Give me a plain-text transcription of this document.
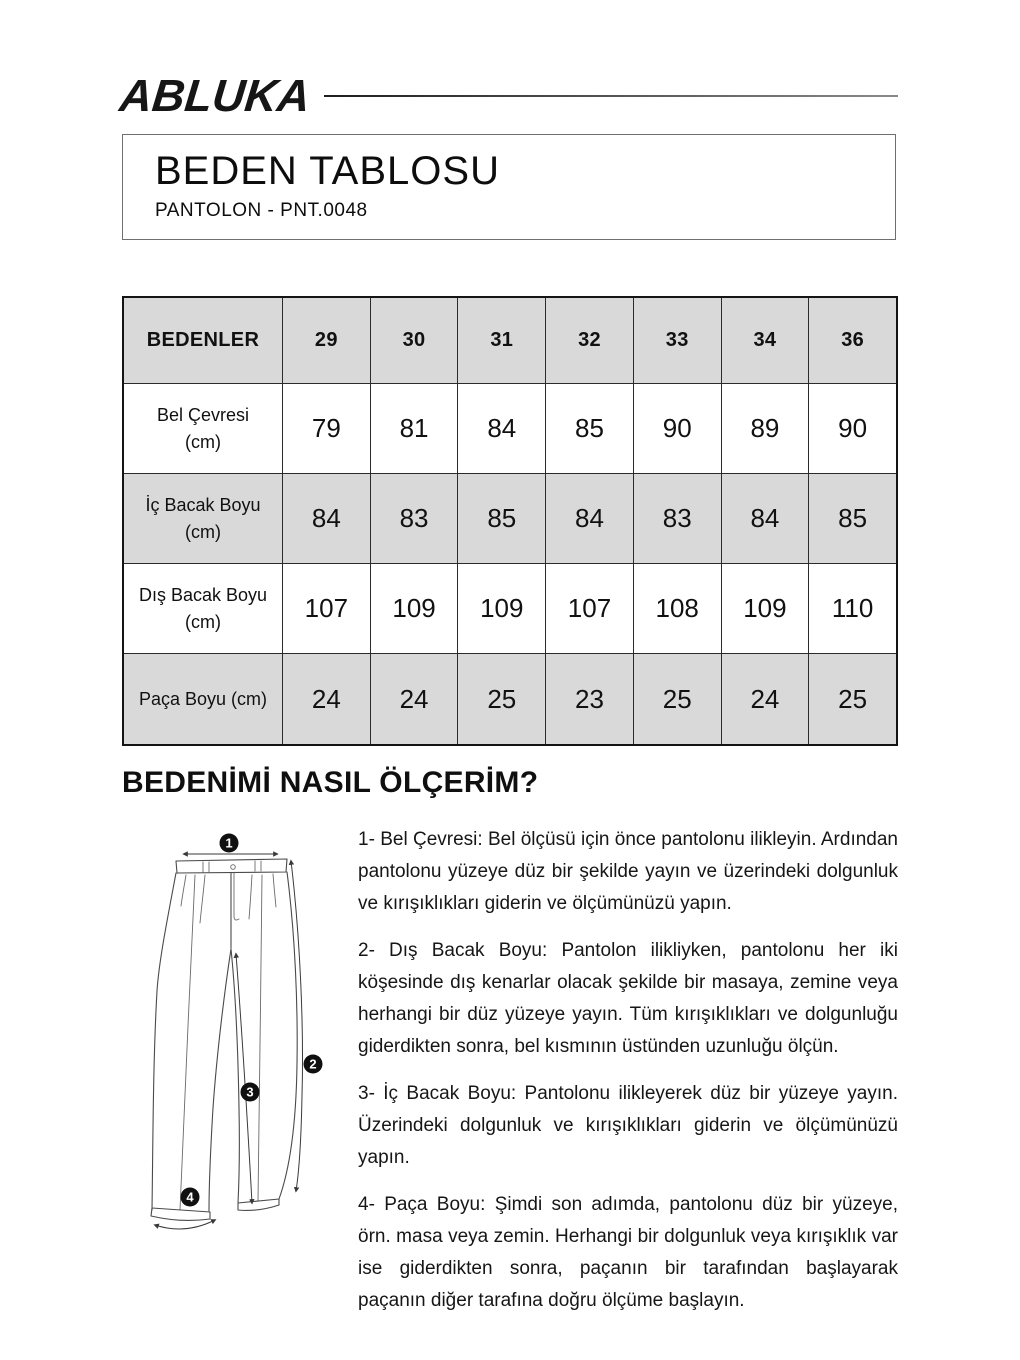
ABLUKA
BEDEN TABLOSU
PANTOLON - PNT.0048
BEDENLER	29	30	31	32	33	34	36
Bel Çevresi
(cm)	79	81	84	85	90	89	90
İç Bacak Boyu
(cm)	84	83	85	84	83	84	85
Dış Bacak Boyu
(cm)	107	109	109	107	108	109	110
Paça Boyu (cm)	24	24	25	23	25	24	25
BEDENİMİ NASIL ÖLÇERİM?
1
2
3
4

1- Bel Çevresi: Bel ölçüsü için önce pantolonu ilikleyin. Ardından pantolonu yüzeye düz bir şekilde yayın ve üzerindeki dolgunluk ve kırışıklıkları giderin ve ölçümünüzü yapın.

2- Dış Bacak Boyu: Pantolon ilikliyken, pantolonu her iki köşesinde dış kenarlar olacak şekilde bir masaya, zemine veya herhangi bir düz yüzeye yayın. Tüm kırışıklıkları ve dolgunluğu giderdikten sonra, bel kısmının üstünden uzunluğu ölçün.

3- İç Bacak Boyu: Pantolonu ilikleyerek düz bir yüzeye yayın. Üzerindeki dolgunluk ve kırışıklıkları giderin ve ölçümünüzü yapın.

4- Paça Boyu: Şimdi son adımda, pantolonu düz bir yüzeye, örn. masa veya zemin. Herhangi bir dolgunluk veya kırışıklık var ise giderdikten sonra, paçanın bir tarafından başlayarak paçanın diğer tarafına doğru ölçüme başlayın.
